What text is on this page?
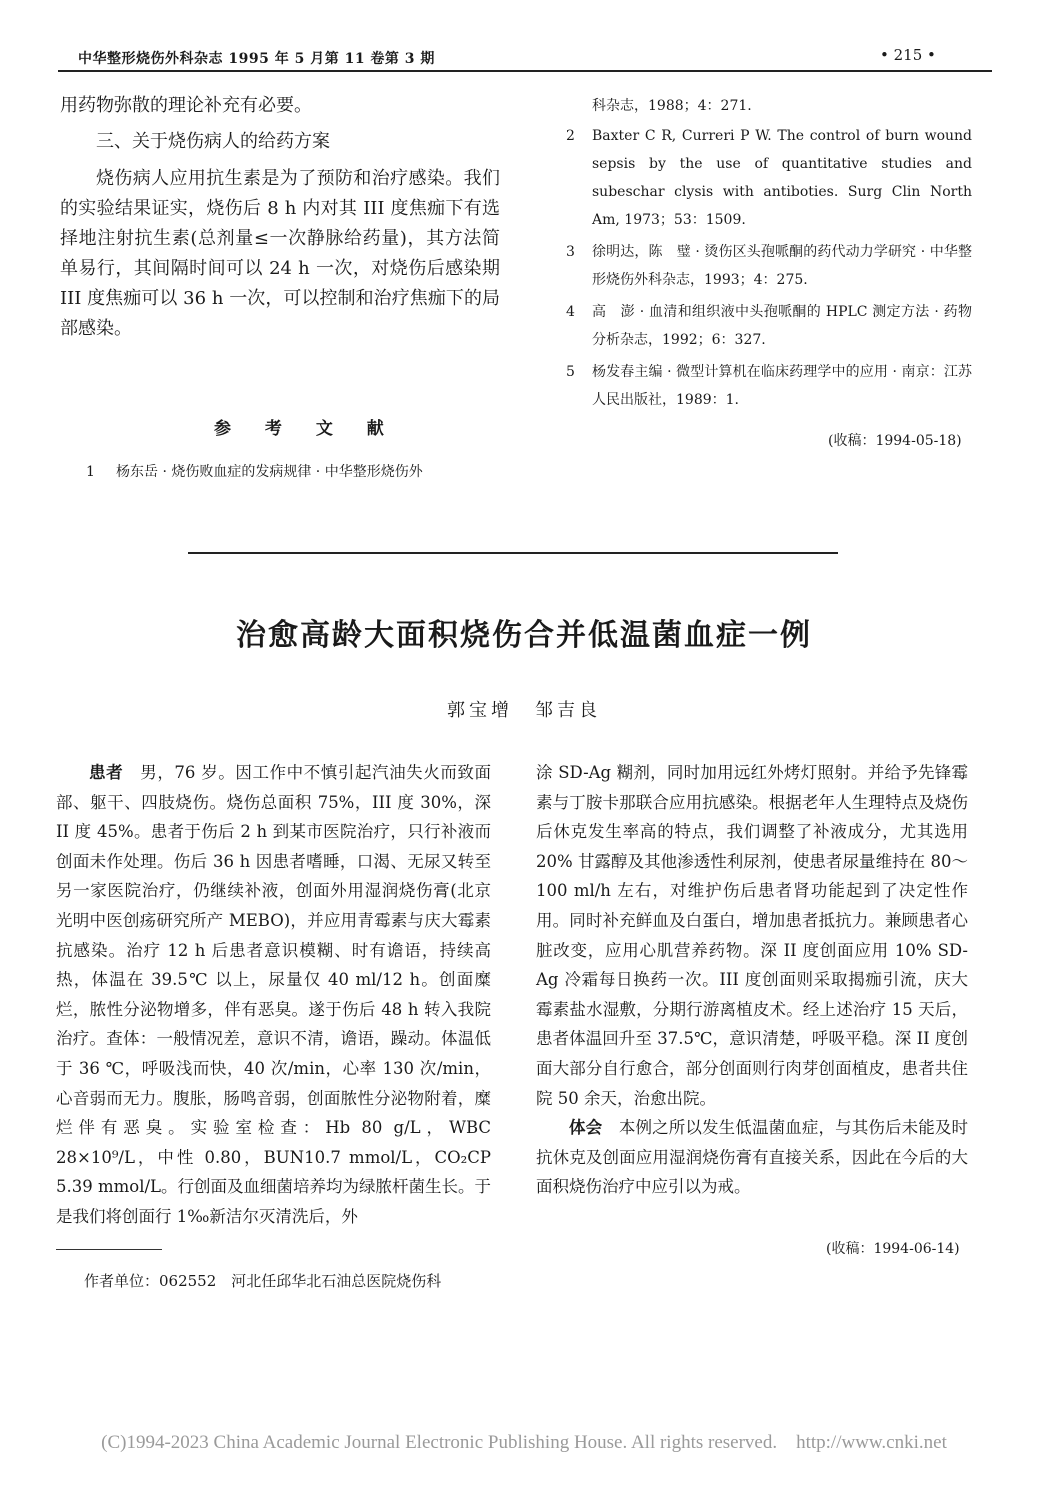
中华整形烧伤外科杂志 1995 年 5 月第 11 卷第 3 期	• 215 •

用药物弥散的理论补充有必要。

三、关于烧伤病人的给药方案

烧伤病人应用抗生素是为了预防和治疗感染。我们的实验结果证实，烧伤后 8 h 内对其 III 度焦痂下有选择地注射抗生素(总剂量≤一次静脉给药量)，其方法简单易行，其间隔时间可以 24 h 一次，对烧伤后感染期 III 度焦痂可以 36 h 一次，可以控制和治疗焦痂下的局部感染。

参 考 文 献
1	杨东岳 · 烧伤败血症的发病规律 · 中华整形烧伤外

科杂志，1988；4：271.

2	Baxter C R, Curreri P W. The control of burn wound sepsis by the use of quantitative studies and subeschar clysis with antiboties. Surg Clin North Am, 1973；53：1509.

3	徐明达，陈　璧 · 烫伤区头孢哌酮的药代动力学研究 · 中华整形烧伤外科杂志，1993；4：275.

4	高　澎 · 血清和组织液中头孢哌酮的 HPLC 测定方法 · 药物分析杂志，1992；6：327.

5	杨发春主编 · 微型计算机在临床药理学中的应用 · 南京：江苏人民出版社，1989：1.

(收稿：1994-05-18)
治愈高龄大面积烧伤合并低温菌血症一例
郭宝增　邹吉良

患者　男，76 岁。因工作中不慎引起汽油失火而致面部、躯干、四肢烧伤。烧伤总面积 75%，III 度 30%，深 II 度 45%。患者于伤后 2 h 到某市医院治疗，只行补液而创面未作处理。伤后 36 h 因患者嗜睡，口渴、无尿又转至另一家医院治疗，仍继续补液，创面外用湿润烧伤膏(北京光明中医创疡研究所产 MEBO)，并应用青霉素与庆大霉素抗感染。治疗 12 h 后患者意识模糊、时有谵语，持续高热，体温在 39.5℃ 以上，尿量仅 40 ml/12 h。创面糜烂，脓性分泌物增多，伴有恶臭。遂于伤后 48 h 转入我院治疗。查体：一般情况差，意识不清，谵语，躁动。体温低于 36 ℃，呼吸浅而快，40 次/min，心率 130 次/min，心音弱而无力。腹胀，肠鸣音弱，创面脓性分泌物附着，糜烂伴有恶臭。实验室检查：Hb 80 g/L，WBC 28×10⁹/L，中性 0.80，BUN10.7 mmol/L，CO₂CP 5.39 mmol/L。行创面及血细菌培养均为绿脓杆菌生长。于是我们将创面行 1‰新洁尔灭清洗后，外

涂 SD-Ag 糊剂，同时加用远红外烤灯照射。并给予先锋霉素与丁胺卡那联合应用抗感染。根据老年人生理特点及烧伤后休克发生率高的特点，我们调整了补液成分，尤其选用 20% 甘露醇及其他渗透性利尿剂，使患者尿量维持在 80～100 ml/h 左右，对维护伤后患者肾功能起到了决定性作用。同时补充鲜血及白蛋白，增加患者抵抗力。兼顾患者心脏改变，应用心肌营养药物。深 II 度创面应用 10% SD-Ag 冷霜每日换药一次。III 度创面则采取揭痂引流，庆大霉素盐水湿敷，分期行游离植皮术。经上述治疗 15 天后，患者体温回升至 37.5℃，意识清楚，呼吸平稳。深 II 度创面大部分自行愈合，部分创面则行肉芽创面植皮，患者共住院 50 余天，治愈出院。

体会　本例之所以发生低温菌血症，与其伤后未能及时抗休克及创面应用湿润烧伤膏有直接关系，因此在今后的大面积烧伤治疗中应引以为戒。

(收稿：1994-06-14)
作者单位：062552　河北任邱华北石油总医院烧伤科
(C)1994-2023 China Academic Journal Electronic Publishing House. All rights reserved.    http://www.cnki.net
